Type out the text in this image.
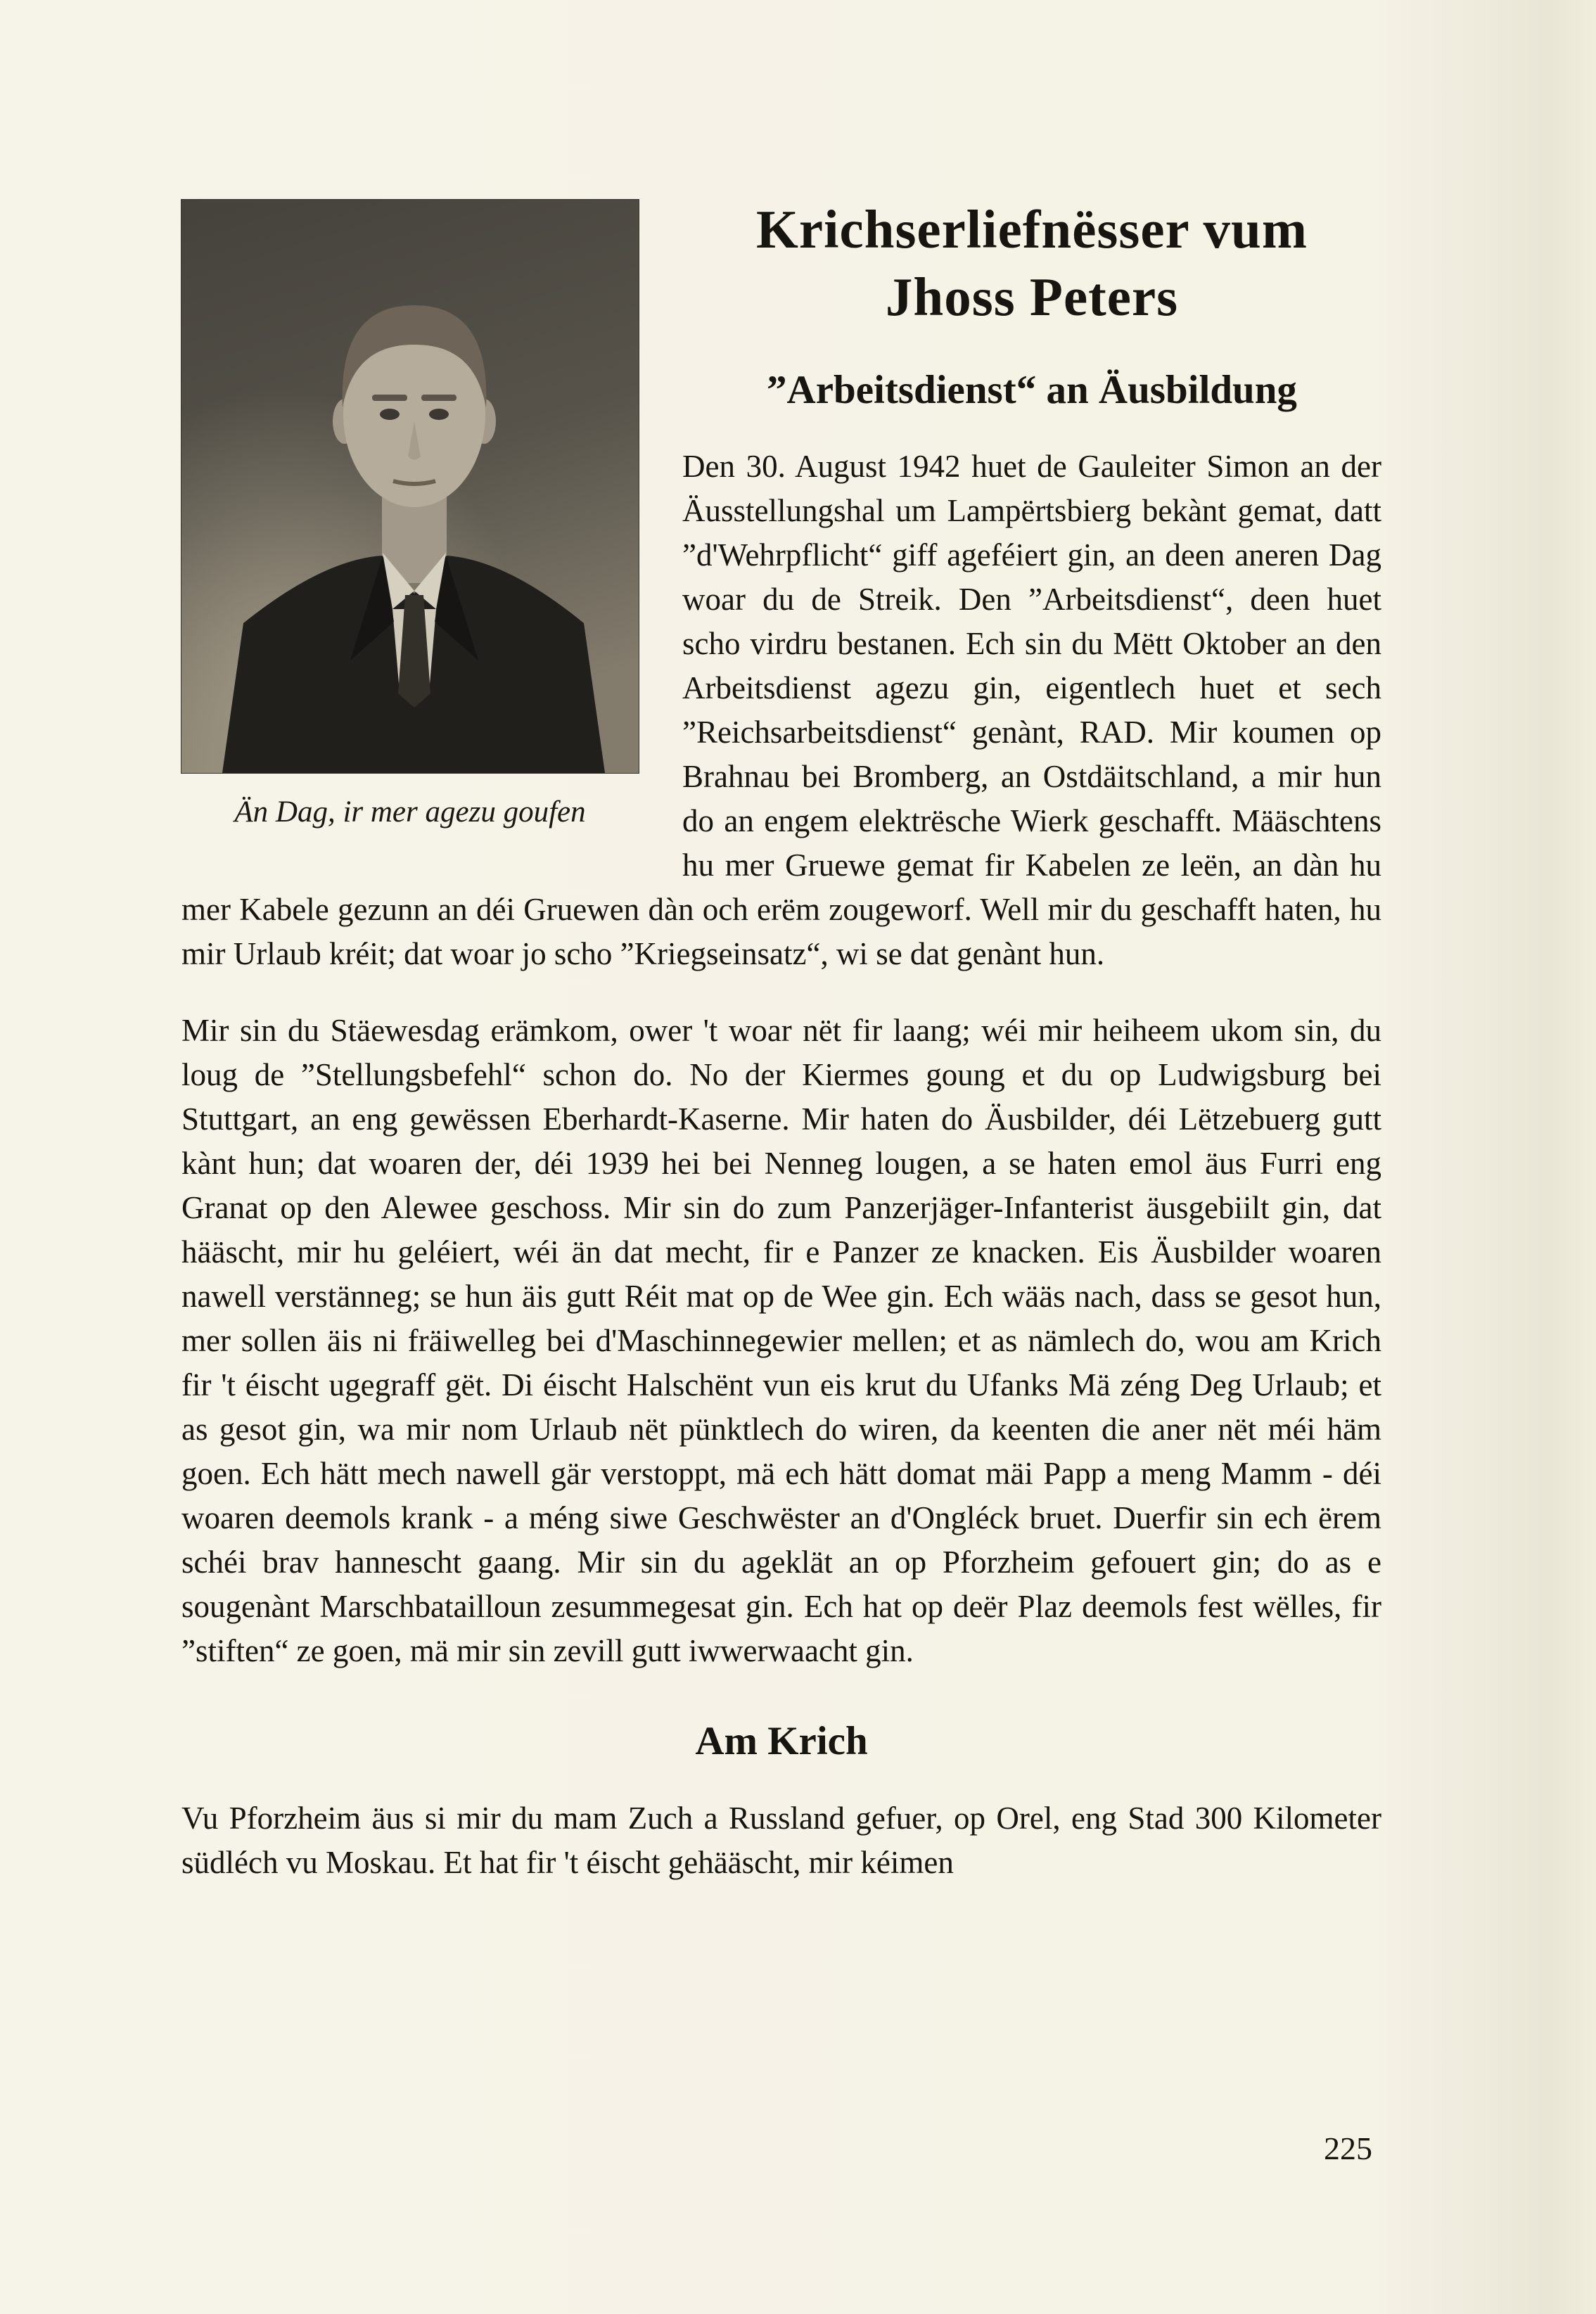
Än Dag, ir mer agezu goufen
Krichserliefnësser vum
Jhoss Peters
”Arbeitsdienst“ an Äusbildung

Den 30. August 1942 huet de Gauleiter Simon an der Äusstellungshal um Lampërtsbierg bekànt gemat, datt ”d'Wehrpflicht“ giff ageféiert gin, an deen aneren Dag woar du de Streik. Den ”Arbeitsdienst“, deen huet scho virdru bestanen. Ech sin du Mëtt Oktober an den Arbeitsdienst agezu gin, eigentlech huet et sech ”Reichsarbeitsdienst“ genànt, RAD. Mir koumen op Brahnau bei Bromberg, an Ostdäitschland, a mir hun do an engem elektrësche Wierk geschafft. Määschtens hu mer Gruewe gemat fir Kabelen ze leën, an dàn hu mer Kabele gezunn an déi Gruewen dàn och erëm zougeworf. Well mir du geschafft haten, hu mir Urlaub kréit; dat woar jo scho ”Kriegseinsatz“, wi se dat genànt hun.

Mir sin du Stäewesdag erämkom, ower 't woar nët fir laang; wéi mir heiheem ukom sin, du loug de ”Stellungsbefehl“ schon do. No der Kiermes goung et du op Ludwigsburg bei Stuttgart, an eng gewëssen Eberhardt-Kaserne. Mir haten do Äusbilder, déi Lëtzebuerg gutt kànt hun; dat woaren der, déi 1939 hei bei Nenneg lougen, a se haten emol äus Furri eng Granat op den Alewee geschoss. Mir sin do zum Panzerjäger-Infanterist äusgebiilt gin, dat hääscht, mir hu geléiert, wéi än dat mecht, fir e Panzer ze knacken. Eis Äusbilder woaren nawell verstänneg; se hun äis gutt Réit mat op de Wee gin. Ech wääs nach, dass se gesot hun, mer sollen äis ni fräiwelleg bei d'Maschinnegewier mellen; et as nämlech do, wou am Krich fir 't éischt ugegraff gët. Di éischt Halschënt vun eis krut du Ufanks Mä zéng Deg Urlaub; et as gesot gin, wa mir nom Urlaub nët pünktlech do wiren, da keenten die aner nët méi häm goen. Ech hätt mech nawell gär verstoppt, mä ech hätt domat mäi Papp a meng Mamm - déi woaren deemols krank - a méng siwe Geschwëster an d'Ongléck bruet. Duerfir sin ech ërem schéi brav hannescht gaang. Mir sin du ageklät an op Pforzheim gefouert gin; do as e sougenànt Marschbatailloun zesummegesat gin. Ech hat op deër Plaz deemols fest wëlles, fir ”stiften“ ze goen, mä mir sin zevill gutt iwwerwaacht gin.

Am Krich

Vu Pforzheim äus si mir du mam Zuch a Russland gefuer, op Orel, eng Stad 300 Kilometer südléch vu Moskau. Et hat fir 't éischt gehääscht, mir kéimen

225
